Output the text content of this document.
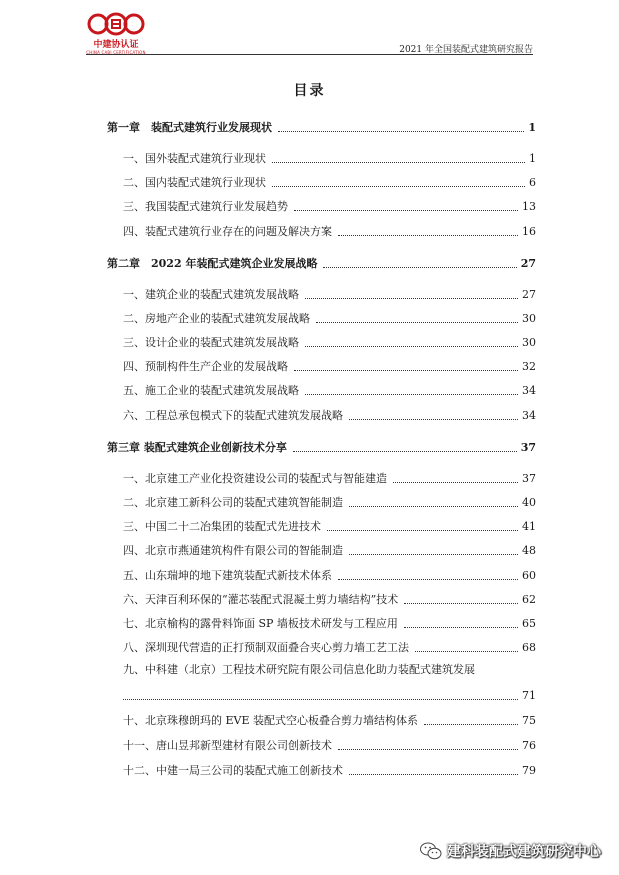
中建协认证
CHINA CABI CERTIFICATION	2021 年全国装配式建筑研究报告
目录
第一章　装配式建筑行业发展现状	1
一、国外装配式建筑行业现状	1
二、国内装配式建筑行业现状	6
三、我国装配式建筑行业发展趋势	13
四、装配式建筑行业存在的问题及解决方案	16
第二章　2022 年装配式建筑企业发展战略	27
一、建筑企业的装配式建筑发展战略	27
二、房地产企业的装配式建筑发展战略	30
三、设计企业的装配式建筑发展战略	30
四、预制构件生产企业的发展战略	32
五、施工企业的装配式建筑发展战略	34
六、工程总承包模式下的装配式建筑发展战略	34
第三章 装配式建筑企业创新技术分享	37
一、北京建工产业化投资建设公司的装配式与智能建造	37
二、北京建工新科公司的装配式建筑智能制造	40
三、中国二十二冶集团的装配式先进技术	41
四、北京市燕通建筑构件有限公司的智能制造	48
五、山东瑞坤的地下建筑装配式新技术体系	60
六、天津百利环保的“灌芯装配式混凝土剪力墙结构”技术	62
七、北京榆构的露骨料饰面 SP 墙板技术研发与工程应用	65
八、深圳现代营造的正打预制双面叠合夹心剪力墙工艺工法	68
九、中科建（北京）工程技术研究院有限公司信息化助力装配式建筑发展
71
十、北京珠穆朗玛的 EVE 装配式空心板叠合剪力墙结构体系	75
十一、唐山昱邦新型建材有限公司创新技术	76
十二、中建一局三公司的装配式施工创新技术	79
建科装配式建筑研究中心
